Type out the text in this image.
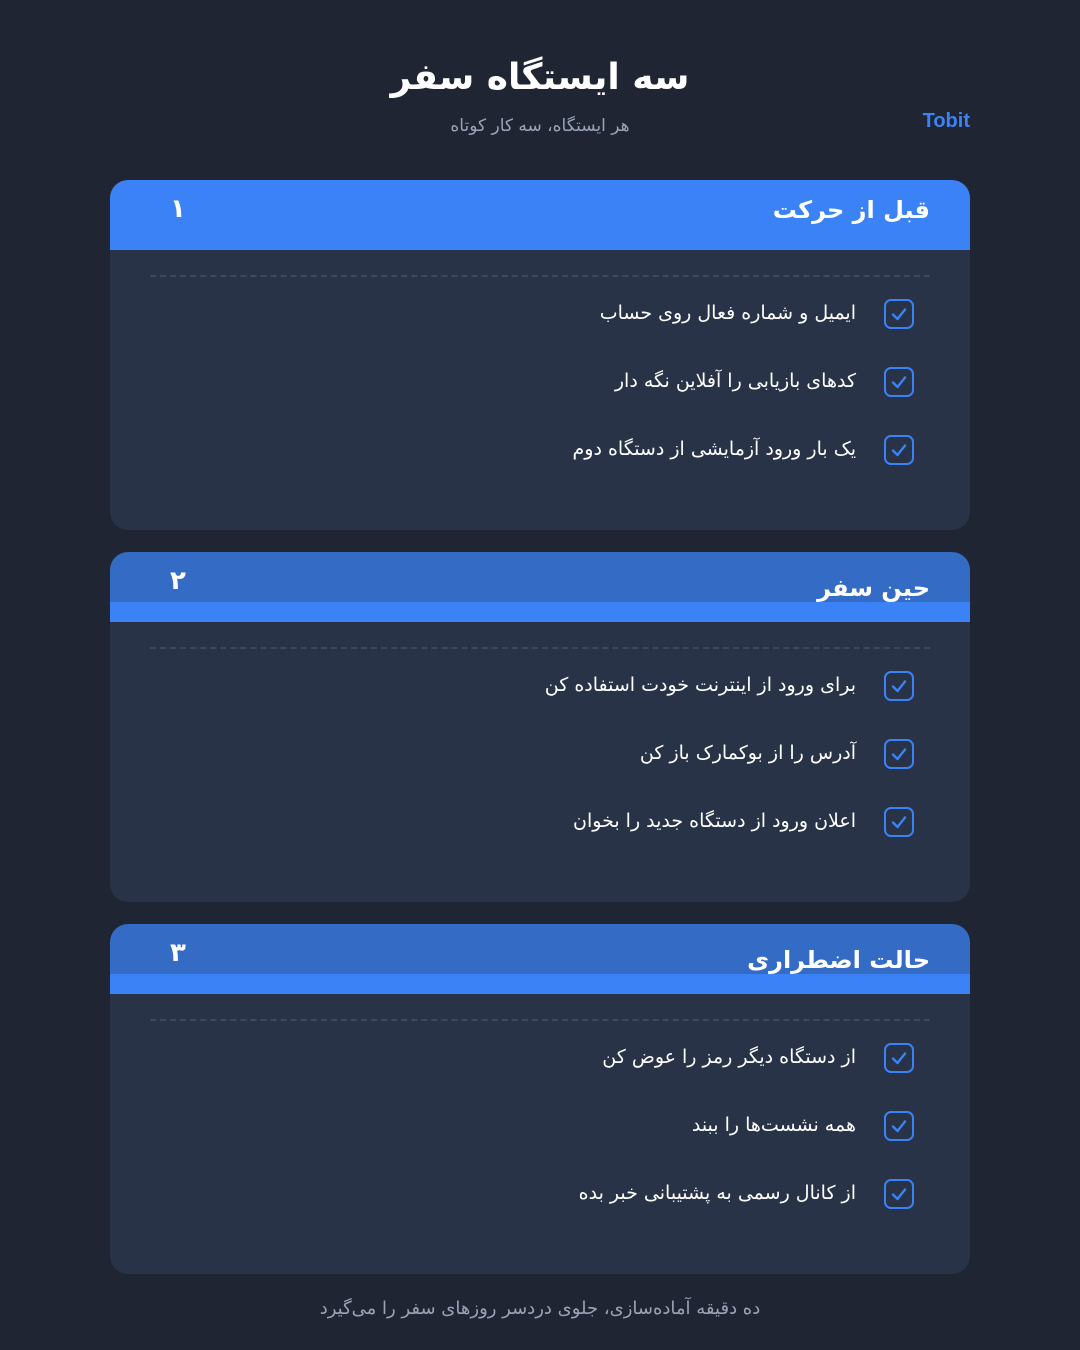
سه ایستگاه سفر
هر ایستگاه، سه کار کوتاه	Tobit
قبل از حرکت
۱
ایمیل و شماره فعال روی حساب
کدهای بازیابی را آفلاین نگه دار
یک بار ورود آزمایشی از دستگاه دوم
حین سفر
۲
برای ورود از اینترنت خودت استفاده کن
آدرس را از بوکمارک باز کن
اعلان ورود از دستگاه جدید را بخوان
حالت اضطراری
۳
از دستگاه دیگر رمز را عوض کن
همه نشست‌ها را ببند
از کانال رسمی به پشتیبانی خبر بده
ده دقیقه آماده‌سازی، جلوی دردسر روزهای سفر را می‌گیرد
